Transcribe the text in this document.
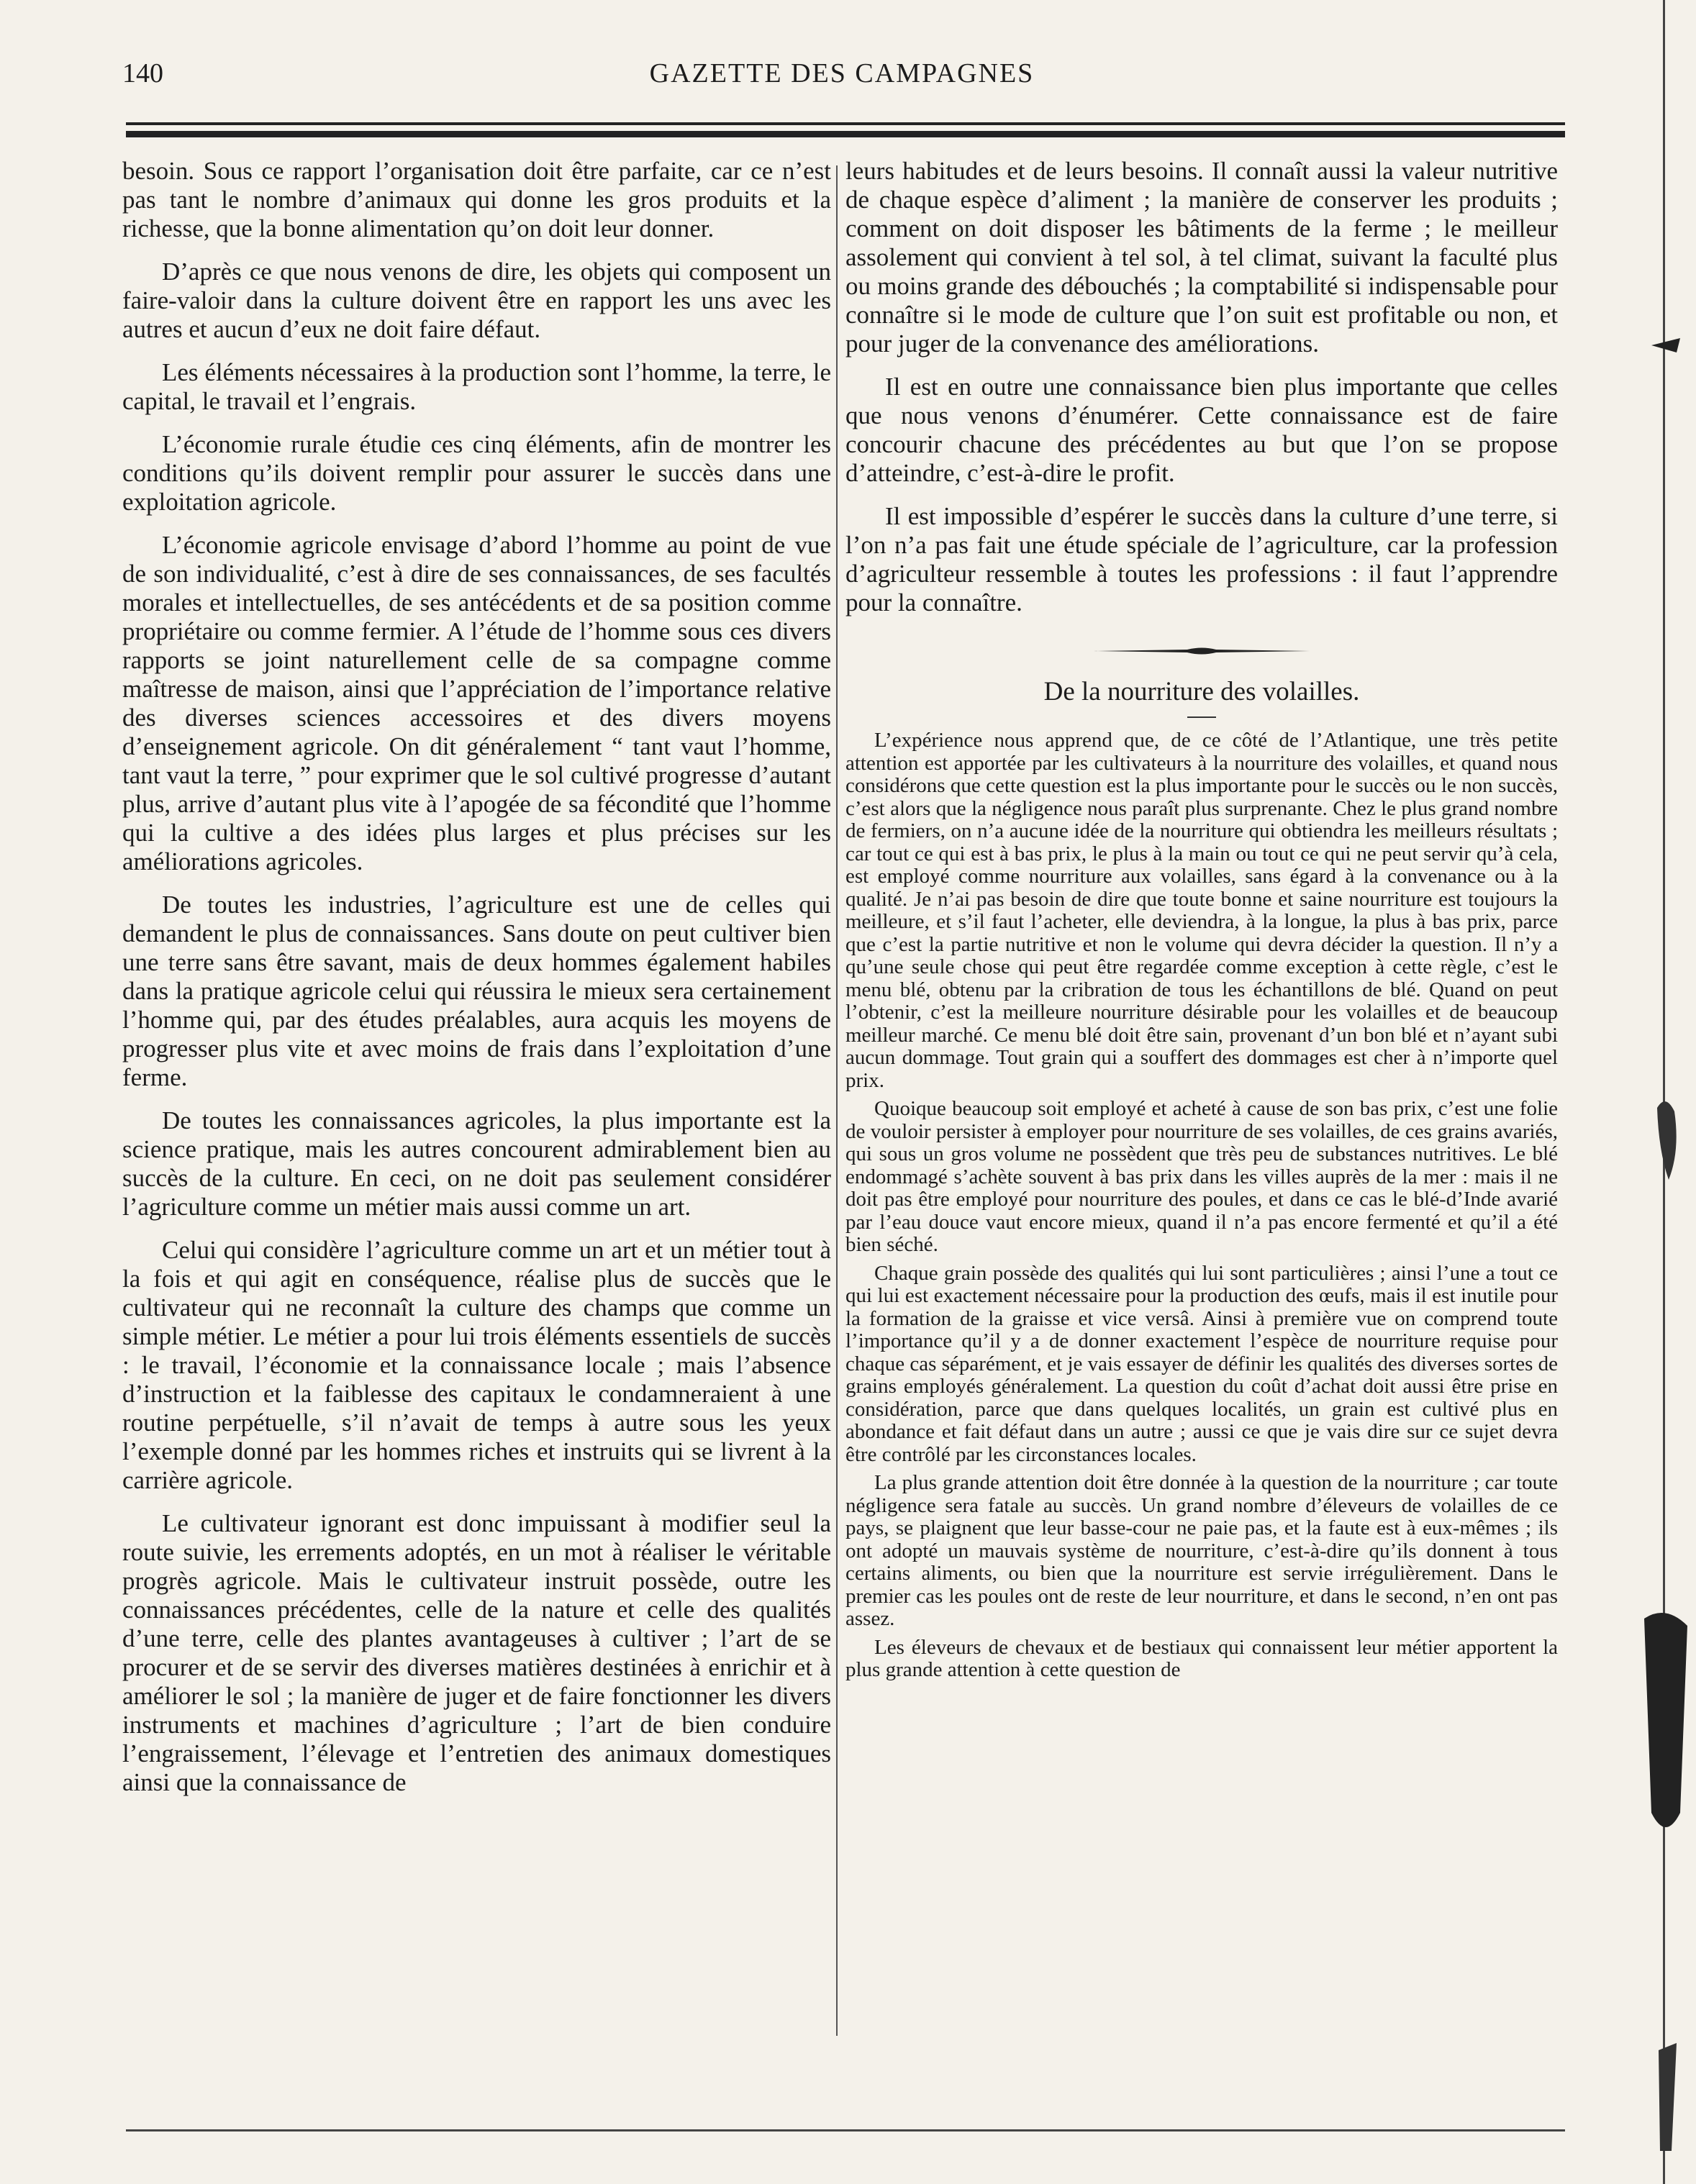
140	GAZETTE DES CAMPAGNES

besoin. Sous ce rapport l’organisation doit être parfaite, car ce n’est pas tant le nombre d’animaux qui donne les gros produits et la richesse, que la bonne alimentation qu’on doit leur donner.

D’après ce que nous venons de dire, les objets qui composent un faire-valoir dans la culture doivent être en rapport les uns avec les autres et aucun d’eux ne doit faire défaut.

Les éléments nécessaires à la production sont l’homme, la terre, le capital, le travail et l’engrais.

L’économie rurale étudie ces cinq éléments, afin de montrer les conditions qu’ils doivent remplir pour assurer le succès dans une exploitation agricole.

L’économie agricole envisage d’abord l’homme au point de vue de son individualité, c’est à dire de ses connaissances, de ses facultés morales et intellectuelles, de ses antécédents et de sa position comme propriétaire ou comme fermier. A l’étude de l’homme sous ces divers rapports se joint naturellement celle de sa compagne comme maîtresse de maison, ainsi que l’appréciation de l’importance relative des diverses sciences accessoires et des divers moyens d’enseignement agricole. On dit généralement “ tant vaut l’homme, tant vaut la terre, ” pour exprimer que le sol cultivé progresse d’autant plus, arrive d’autant plus vite à l’apogée de sa fécondité que l’homme qui la cultive a des idées plus larges et plus précises sur les améliorations agricoles.

De toutes les industries, l’agriculture est une de celles qui demandent le plus de connaissances. Sans doute on peut cultiver bien une terre sans être savant, mais de deux hommes également habiles dans la pratique agricole celui qui réussira le mieux sera certainement l’homme qui, par des études préalables, aura acquis les moyens de progresser plus vite et avec moins de frais dans l’exploitation d’une ferme.

De toutes les connaissances agricoles, la plus importante est la science pratique, mais les autres concourent admirablement bien au succès de la culture. En ceci, on ne doit pas seulement considérer l’agriculture comme un métier mais aussi comme un art.

Celui qui considère l’agriculture comme un art et un métier tout à la fois et qui agit en conséquence, réalise plus de succès que le cultivateur qui ne reconnaît la culture des champs que comme un simple métier. Le métier a pour lui trois éléments essentiels de succès : le travail, l’économie et la connaissance locale ; mais l’absence d’instruction et la faiblesse des capitaux le condamneraient à une routine perpétuelle, s’il n’avait de temps à autre sous les yeux l’exemple donné par les hommes riches et instruits qui se livrent à la carrière agricole.

Le cultivateur ignorant est donc impuissant à modifier seul la route suivie, les errements adoptés, en un mot à réaliser le véritable progrès agricole. Mais le cultivateur instruit possède, outre les connaissances précédentes, celle de la nature et celle des qualités d’une terre, celle des plantes avantageuses à cultiver ; l’art de se procurer et de se servir des diverses matières destinées à enrichir et à améliorer le sol ; la manière de juger et de faire fonctionner les divers instruments et machines d’agriculture ; l’art de bien conduire l’engraissement, l’élevage et l’entretien des animaux domestiques ainsi que la connaissance de

leurs habitudes et de leurs besoins. Il connaît aussi la valeur nutritive de chaque espèce d’aliment ; la manière de conserver les produits ; comment on doit disposer les bâtiments de la ferme ; le meilleur assolement qui convient à tel sol, à tel climat, suivant la faculté plus ou moins grande des débouchés ; la comptabilité si indispensable pour connaître si le mode de culture que l’on suit est profitable ou non, et pour juger de la convenance des améliorations.

Il est en outre une connaissance bien plus importante que celles que nous venons d’énumérer. Cette connaissance est de faire concourir chacune des précédentes au but que l’on se propose d’atteindre, c’est-à-dire le profit.

Il est impossible d’espérer le succès dans la culture d’une terre, si l’on n’a pas fait une étude spéciale de l’agriculture, car la profession d’agriculteur ressemble à toutes les professions : il faut l’apprendre pour la connaître.

De la nourriture des volailles.

L’expérience nous apprend que, de ce côté de l’Atlantique, une très petite attention est apportée par les cultivateurs à la nourriture des volailles, et quand nous considérons que cette question est la plus importante pour le succès ou le non succès, c’est alors que la négligence nous paraît plus surprenante. Chez le plus grand nombre de fermiers, on n’a aucune idée de la nourriture qui obtiendra les meilleurs résultats ; car tout ce qui est à bas prix, le plus à la main ou tout ce qui ne peut servir qu’à cela, est employé comme nourriture aux volailles, sans égard à la convenance ou à la qualité. Je n’ai pas besoin de dire que toute bonne et saine nourriture est toujours la meilleure, et s’il faut l’acheter, elle deviendra, à la longue, la plus à bas prix, parce que c’est la partie nutritive et non le volume qui devra décider la question. Il n’y a qu’une seule chose qui peut être regardée comme exception à cette règle, c’est le menu blé, obtenu par la cribration de tous les échantillons de blé. Quand on peut l’obtenir, c’est la meilleure nourriture désirable pour les volailles et de beaucoup meilleur marché. Ce menu blé doit être sain, provenant d’un bon blé et n’ayant subi aucun dommage. Tout grain qui a souffert des dommages est cher à n’importe quel prix.

Quoique beaucoup soit employé et acheté à cause de son bas prix, c’est une folie de vouloir persister à employer pour nourriture de ses volailles, de ces grains avariés, qui sous un gros volume ne possèdent que très peu de substances nutritives. Le blé endommagé s’achète souvent à bas prix dans les villes auprès de la mer : mais il ne doit pas être employé pour nourriture des poules, et dans ce cas le blé-d’Inde avarié par l’eau douce vaut encore mieux, quand il n’a pas encore fermenté et qu’il a été bien séché.

Chaque grain possède des qualités qui lui sont particulières ; ainsi l’une a tout ce qui lui est exactement nécessaire pour la production des œufs, mais il est inutile pour la formation de la graisse et vice versâ. Ainsi à première vue on comprend toute l’importance qu’il y a de donner exactement l’espèce de nourriture requise pour chaque cas séparément, et je vais essayer de définir les qualités des diverses sortes de grains employés généralement. La question du coût d’achat doit aussi être prise en considération, parce que dans quelques localités, un grain est cultivé plus en abondance et fait défaut dans un autre ; aussi ce que je vais dire sur ce sujet devra être contrôlé par les circonstances locales.

La plus grande attention doit être donnée à la question de la nourriture ; car toute négligence sera fatale au succès. Un grand nombre d’éleveurs de volailles de ce pays, se plaignent que leur basse-cour ne paie pas, et la faute est à eux-mêmes ; ils ont adopté un mauvais système de nourriture, c’est-à-dire qu’ils donnent à tous certains aliments, ou bien que la nourriture est servie irrégulièrement. Dans le premier cas les poules ont de reste de leur nourriture, et dans le second, n’en ont pas assez.

Les éleveurs de chevaux et de bestiaux qui connaissent leur métier apportent la plus grande attention à cette question de
